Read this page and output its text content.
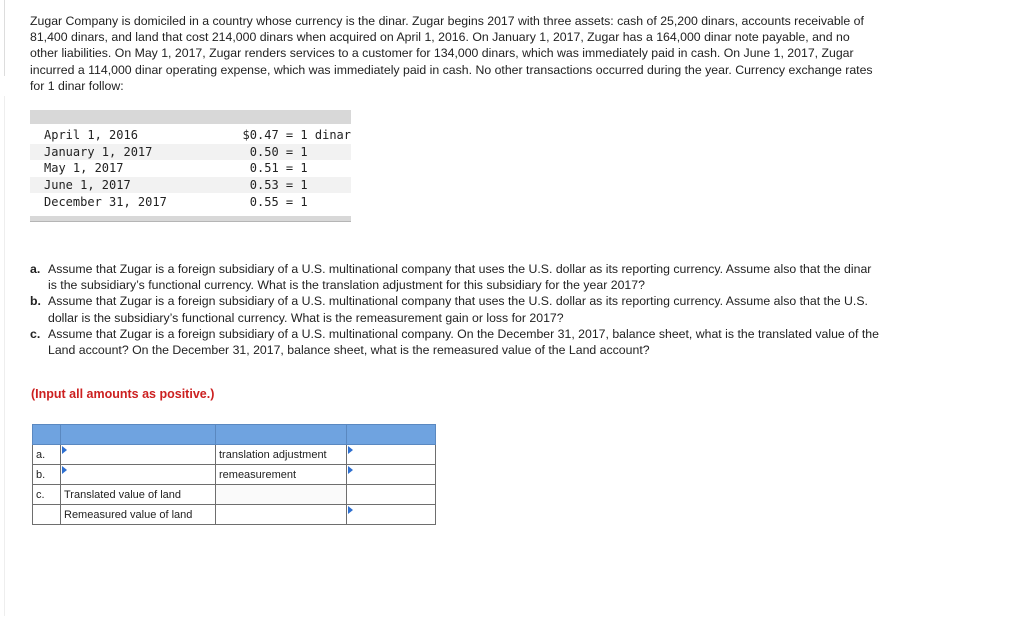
Zugar Company is domiciled in a country whose currency is the dinar. Zugar begins 2017 with three assets: cash of 25,200 dinars, accounts receivable of 81,400 dinars, and land that cost 214,000 dinars when acquired on April 1, 2016. On January 1, 2017, Zugar has a 164,000 dinar note payable, and no other liabilities. On May 1, 2017, Zugar renders services to a customer for 134,000 dinars, which was immediately paid in cash. On June 1, 2017, Zugar incurred a 114,000 dinar operating expense, which was immediately paid in cash. No other transactions occurred during the year. Currency exchange rates for 1 dinar follow:

April 1, 2016	$0.47	=	1 dinar
January 1, 2017	0.50	=	1
May 1, 2017	0.51	=	1
June 1, 2017	0.53	=	1
December 31, 2017	0.55	=	1
a. Assume that Zugar is a foreign subsidiary of a U.S. multinational company that uses the U.S. dollar as its reporting currency. Assume also that the dinar is the subsidiary’s functional currency. What is the translation adjustment for this subsidiary for the year 2017?
b. Assume that Zugar is a foreign subsidiary of a U.S. multinational company that uses the U.S. dollar as its reporting currency. Assume also that the U.S. dollar is the subsidiary’s functional currency. What is the remeasurement gain or loss for 2017?
c. Assume that Zugar is a foreign subsidiary of a U.S. multinational company. On the December 31, 2017, balance sheet, what is the translated value of the Land account? On the December 31, 2017, balance sheet, what is the remeasured value of the Land account?
(Input all amounts as positive.)

a.		translation adjustment	

b.		remeasurement	

c.	Translated value of land		

	Remeasured value of land		
